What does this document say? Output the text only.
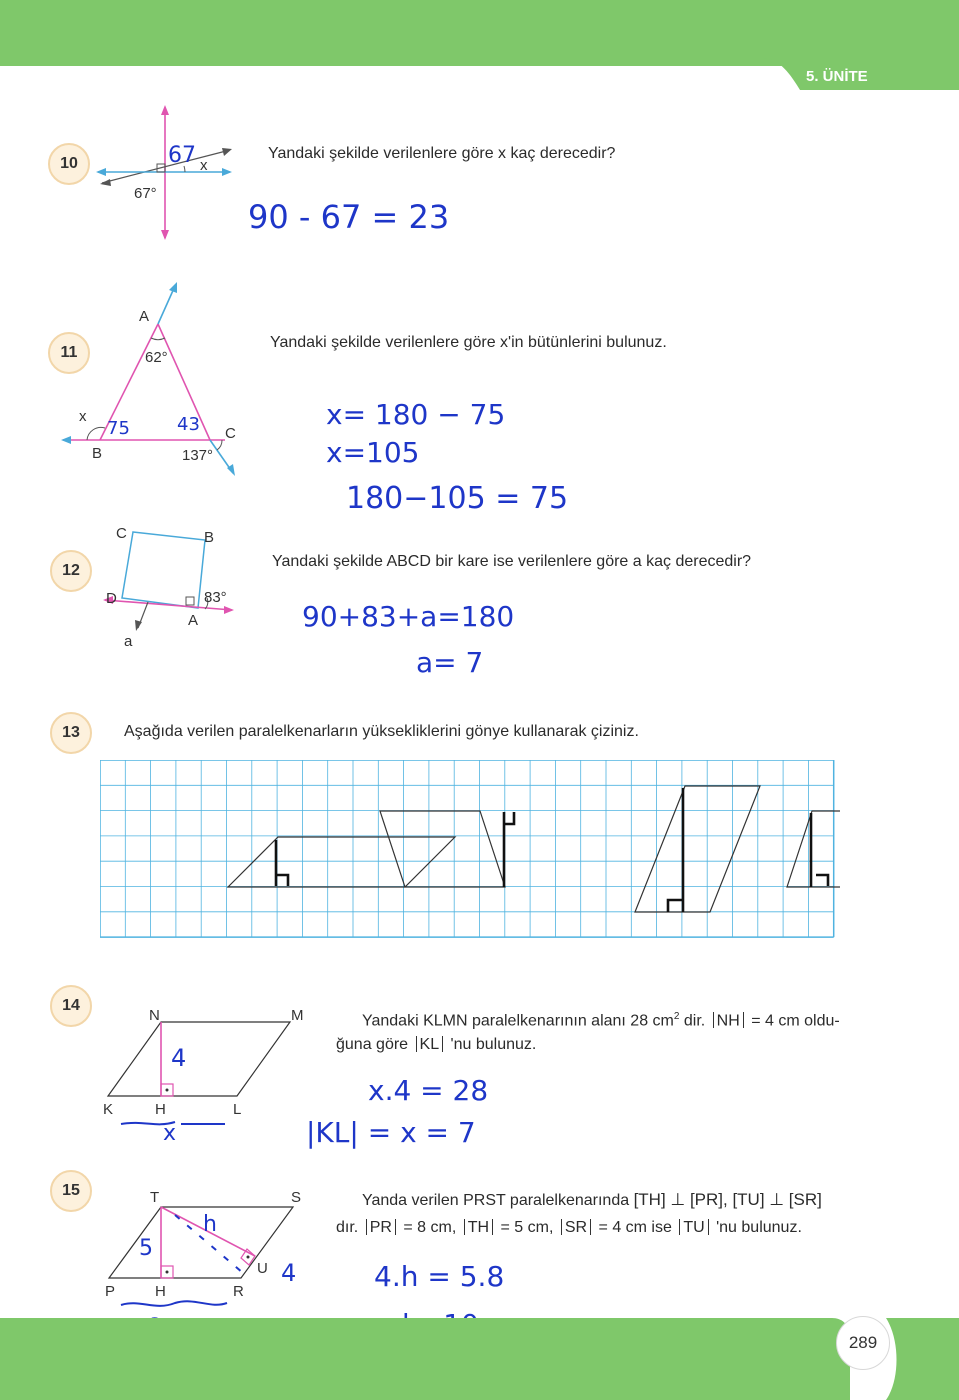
5. ÜNİTE
10
Yandaki şekilde verilenlere göre x kaç derecedir?
x
67°
67
90 - 67 = 23
11
Yandaki şekilde verilenlere göre x'in bütünlerini bulunuz.
A
62°
x
B
C
137°
75	43	x= 180 − 75
x=105
180−105 = 75
12
Yandaki şekilde ABCD bir kare ise verilenlere göre a kaç derecedir?
C	B
D
A
83°
a
90+83+a=180
a= 7
13	Aşağıda verilen paralelkenarların yüksekliklerini gönye kullanarak çiziniz.
14
Yandaki KLMN paralelkenarının alanı 28 $cm^2$ dir. NH = 4 cm oldu-
ğuna göre KL 'nu bulunuz.
N	M
K	H	L
4
x
x.4 = 28
|KL| = x = 7
15
Yanda verilen PRST paralelkenarında [TH] ⊥ [PR], [TU] ⊥ [SR]
dır. PR = 8 cm, TH = 5 cm, SR = 4 cm ise TU 'nu bulunuz.
T	S
P	H	R
U
h
5
4	4.h = 5.8
289
